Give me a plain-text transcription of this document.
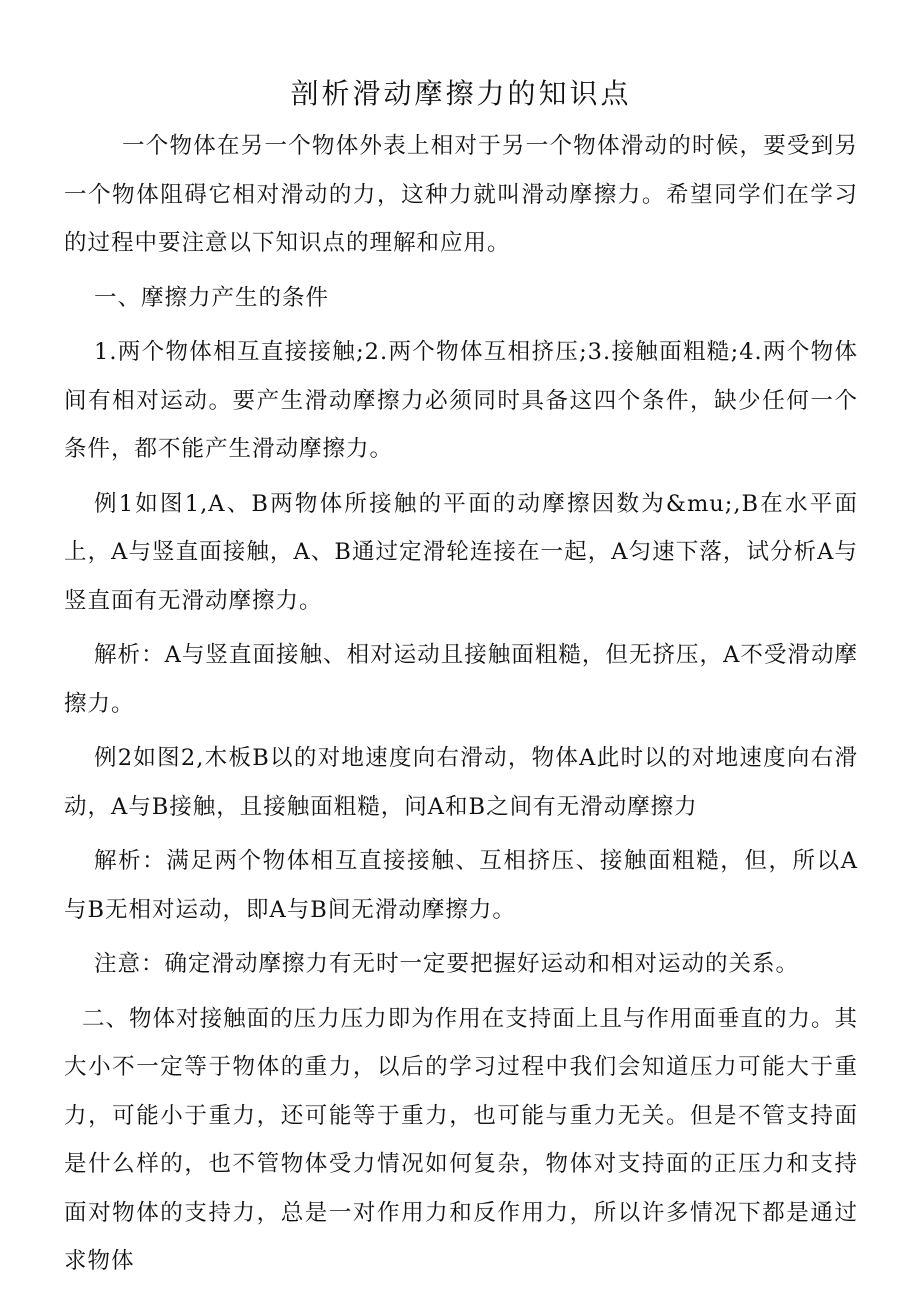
剖析滑动摩擦力的知识点

一个物体在另一个物体外表上相对于另一个物体滑动的时候，要受到另一个物体阻碍它相对滑动的力，这种力就叫滑动摩擦力。希望同学们在学习的过程中要注意以下知识点的理解和应用。

一、摩擦力产生的条件

1.两个物体相互直接接触;2.两个物体互相挤压;3.接触面粗糙;4.两个物体间有相对运动。要产生滑动摩擦力必须同时具备这四个条件，缺少任何一个条件，都不能产生滑动摩擦力。

例1如图1,A、B两物体所接触的平面的动摩擦因数为&mu;,B在水平面上，A与竖直面接触，A、B通过定滑轮连接在一起，A匀速下落，试分析A与竖直面有无滑动摩擦力。

解析：A与竖直面接触、相对运动且接触面粗糙，但无挤压，A不受滑动摩擦力。

例2如图2,木板B以的对地速度向右滑动，物体A此时以的对地速度向右滑动，A与B接触，且接触面粗糙，问A和B之间有无滑动摩擦力

解析：满足两个物体相互直接接触、互相挤压、接触面粗糙，但，所以A与B无相对运动，即A与B间无滑动摩擦力。

注意：确定滑动摩擦力有无时一定要把握好运动和相对运动的关系。

二、物体对接触面的压力压力即为作用在支持面上且与作用面垂直的力。其大小不一定等于物体的重力，以后的学习过程中我们会知道压力可能大于重力，可能小于重力，还可能等于重力，也可能与重力无关。但是不管支持面是什么样的，也不管物体受力情况如何复杂，物体对支持面的正压力和支持面对物体的支持力，总是一对作用力和反作用力，所以许多情况下都是通过求物体
